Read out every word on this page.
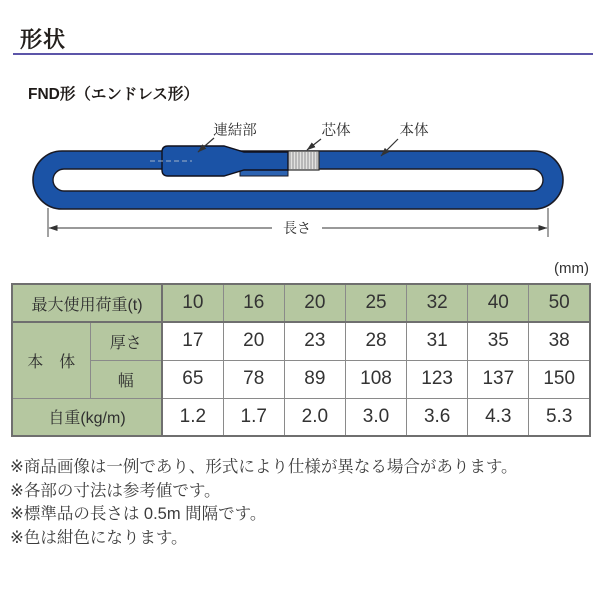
形状
FND形（エンドレス形）
連結部	芯体	本体
長さ
(mm)
最大使用荷重(t)		10	16	20	25	32	40	50
本　体	厚さ	17	20	23	28	31	35	38
	幅	65	78	89	108	123	137	150
自重(kg/m)		1.2	1.7	2.0	3.0	3.6	4.3	5.3
※商品画像は一例であり、形式により仕様が異なる場合があります。
※各部の寸法は参考値です。
※標準品の長さは 0.5m 間隔です。
※色は紺色になります。
